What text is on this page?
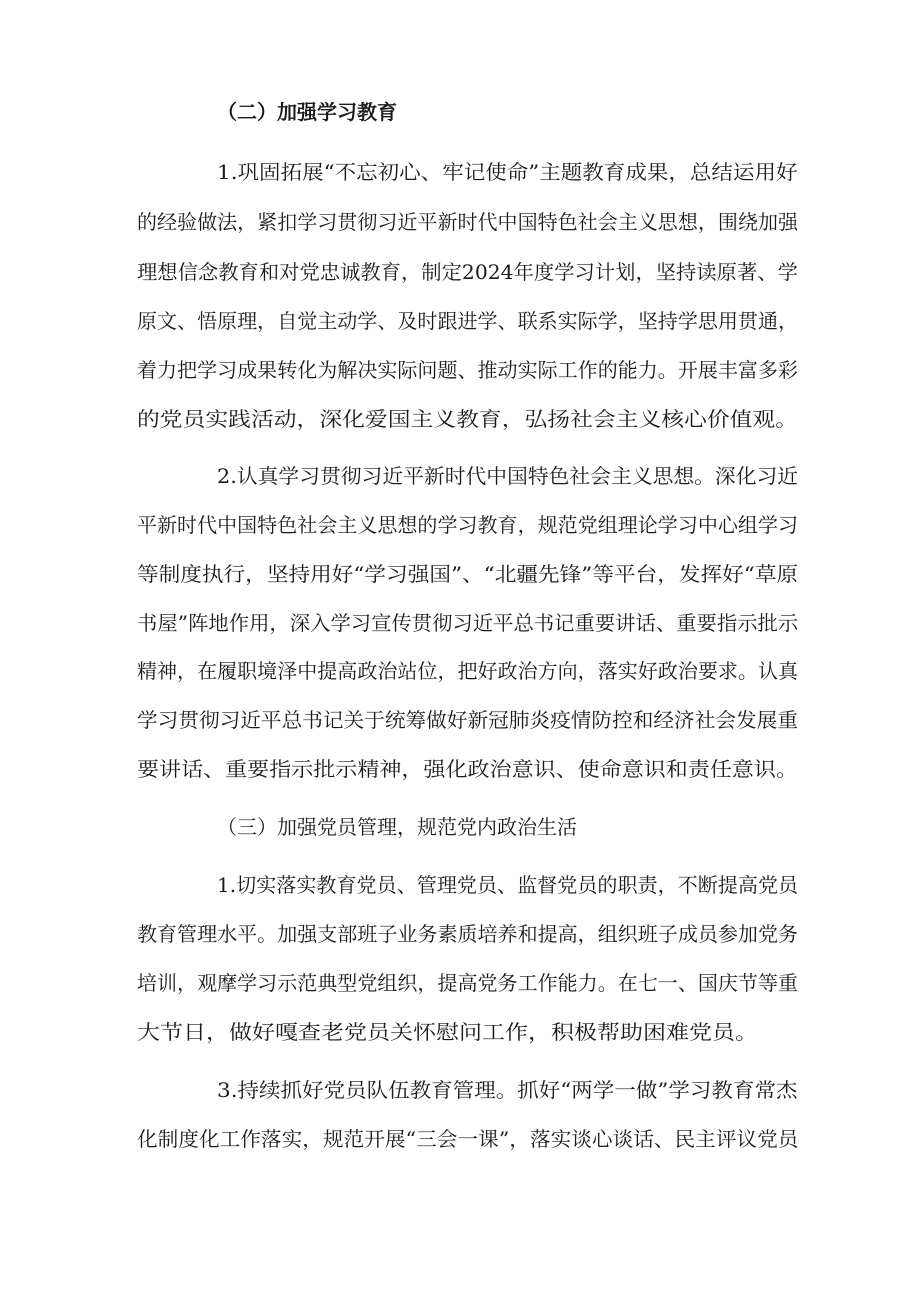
（二）加强学习教育

1.巩固拓展“不忘初心、牢记使命”主题教育成果，总结运用好

的经验做法，紧扣学习贯彻习近平新时代中国特色社会主义思想，围绕加强

理想信念教育和对党忠诚教育，制定2024年度学习计划，坚持读原著、学

原文、悟原理，自觉主动学、及时跟进学、联系实际学，坚持学思用贯通，

着力把学习成果转化为解决实际问题、推动实际工作的能力。开展丰富多彩

的党员实践活动，深化爱国主义教育，弘扬社会主义核心价值观。

2.认真学习贯彻习近平新时代中国特色社会主义思想。深化习近

平新时代中国特色社会主义思想的学习教育，规范党组理论学习中心组学习

等制度执行，坚持用好“学习强国”、“北疆先锋”等平台，发挥好“草原

书屋”阵地作用，深入学习宣传贯彻习近平总书记重要讲话、重要指示批示

精神，在履职境泽中提高政治站位，把好政治方向，落实好政治要求。认真

学习贯彻习近平总书记关于统筹做好新冠肺炎疫情防控和经济社会发展重

要讲话、重要指示批示精神，强化政治意识、使命意识和责任意识。

（三）加强党员管理，规范党内政治生活

1.切实落实教育党员、管理党员、监督党员的职责，不断提高党员

教育管理水平。加强支部班子业务素质培养和提高，组织班子成员参加党务

培训，观摩学习示范典型党组织，提高党务工作能力。在七一、国庆节等重

大节日，做好嘎查老党员关怀慰问工作，积极帮助困难党员。

3.持续抓好党员队伍教育管理。抓好“两学一做”学习教育常杰

化制度化工作落实，规范开展“三会一课”，落实谈心谈话、民主评议党员
